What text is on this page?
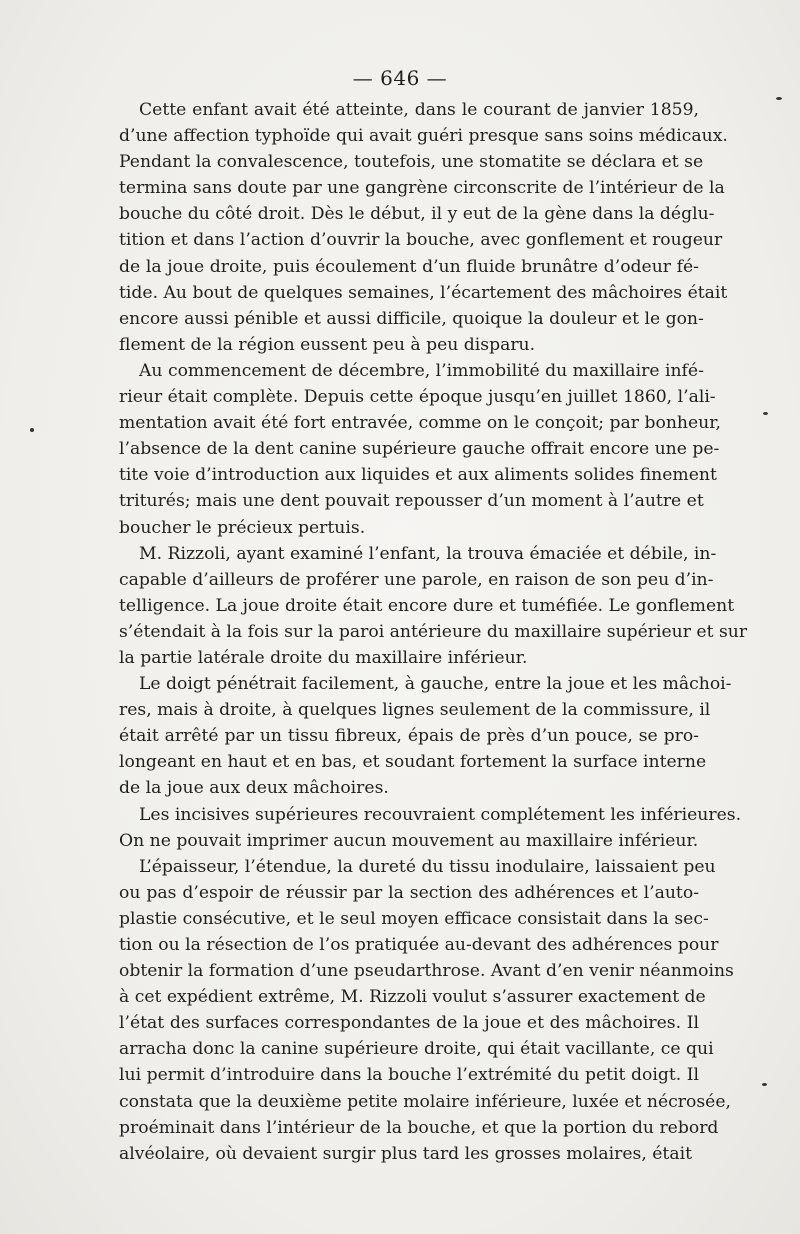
— 646 —
Cette enfant avait été atteinte, dans le courant de janvier 1859,
d’une affection typhoïde qui avait guéri presque sans soins médicaux.
Pendant la convalescence, toutefois, une stomatite se déclara et se
termina sans doute par une gangrène circonscrite de l’intérieur de la
bouche du côté droit. Dès le début, il y eut de la gène dans la déglu-
tition et dans l’action d’ouvrir la bouche, avec gonflement et rougeur
de la joue droite, puis écoulement d’un fluide brunâtre d’odeur fé-
tide. Au bout de quelques semaines, l’écartement des mâchoires était
encore aussi pénible et aussi difficile, quoique la douleur et le gon-
flement de la région eussent peu à peu disparu.
Au commencement de décembre, l’immobilité du maxillaire infé-
rieur était complète. Depuis cette époque jusqu’en juillet 1860, l’ali-
mentation avait été fort entravée, comme on le conçoit; par bonheur,
l’absence de la dent canine supérieure gauche offrait encore une pe-
tite voie d’introduction aux liquides et aux aliments solides finement
triturés; mais une dent pouvait repousser d’un moment à l’autre et
boucher le précieux pertuis.
M. Rizzoli, ayant examiné l’enfant, la trouva émaciée et débile, in-
capable d’ailleurs de proférer une parole, en raison de son peu d’in-
telligence. La joue droite était encore dure et tuméfiée. Le gonflement
s’étendait à la fois sur la paroi antérieure du maxillaire supérieur et sur
la partie latérale droite du maxillaire inférieur.
Le doigt pénétrait facilement, à gauche, entre la joue et les mâchoi-
res, mais à droite, à quelques lignes seulement de la commissure, il
était arrêté par un tissu fibreux, épais de près d’un pouce, se pro-
longeant en haut et en bas, et soudant fortement la surface interne
de la joue aux deux mâchoires.
Les incisives supérieures recouvraient complétement les inférieures.
On ne pouvait imprimer aucun mouvement au maxillaire inférieur.
L’épaisseur, l’étendue, la dureté du tissu inodulaire, laissaient peu
ou pas d’espoir de réussir par la section des adhérences et l’auto-
plastie consécutive, et le seul moyen efficace consistait dans la sec-
tion ou la résection de l’os pratiquée au-devant des adhérences pour
obtenir la formation d’une pseudarthrose. Avant d’en venir néanmoins
à cet expédient extrême, M. Rizzoli voulut s’assurer exactement de
l’état des surfaces correspondantes de la joue et des mâchoires. Il
arracha donc la canine supérieure droite, qui était vacillante, ce qui
lui permit d’introduire dans la bouche l’extrémité du petit doigt. Il
constata que la deuxième petite molaire inférieure, luxée et nécrosée,
proéminait dans l’intérieur de la bouche, et que la portion du rebord
alvéolaire, où devaient surgir plus tard les grosses molaires, était
